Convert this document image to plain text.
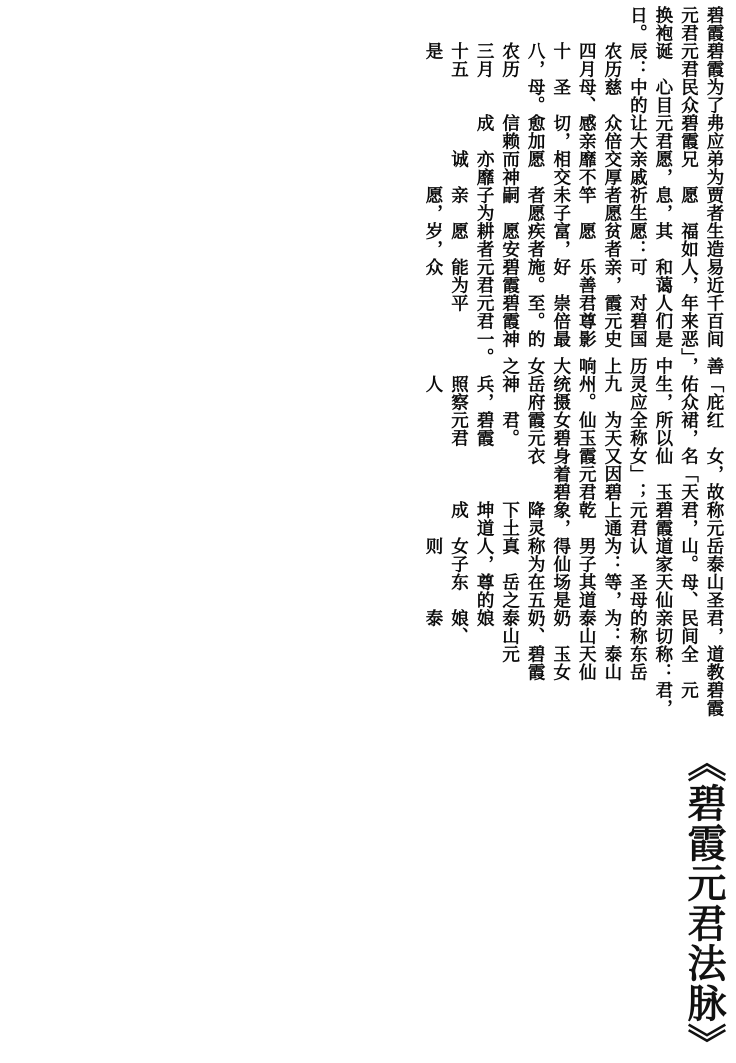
碧霞元君换袍日。
碧霞元君诞辰：农历四月十八，农历三月十五是
为了民众心目中的慈母、圣母。
弗应 碧霞元君让大众倍感亲切，愈加信赖 成
弟为兄愿，亲戚交厚 靡不相交愿 而神亦靡诚
贾者愿息，祈生者愿竿 未子者愿嗣 子为亲愿，
生造福如其愿：贫者愿富，疾者愿安 耕者愿岁，
易近人，和蔼可亲，乐善好施。碧霞元君能为众
千百年来人们对碧霞元君尊崇倍至。碧霞元君平
间善恶」，是中国历史上影响最大的女神之一。
「庇佑众生，灵应九州。统摄岳府神兵，照察人
红裙，所以全称为天仙玉女碧霞元君。碧霞元君
女，故名「天仙玉女」；又因碧霞元君身着碧衣
称元君，碧霞元君上通乾象，降灵下土 坤道成
岳泰山。道家认为：男子得仙称为真人，女子则
山圣母、天仙圣母等，其道场是在五岳之尊的东
君，民间亲切的称为：泰山奶奶、泰山娘娘、泰
道教全称：东岳泰山天仙玉女碧霞元
碧霞元君，
《碧霞元君法脉》
